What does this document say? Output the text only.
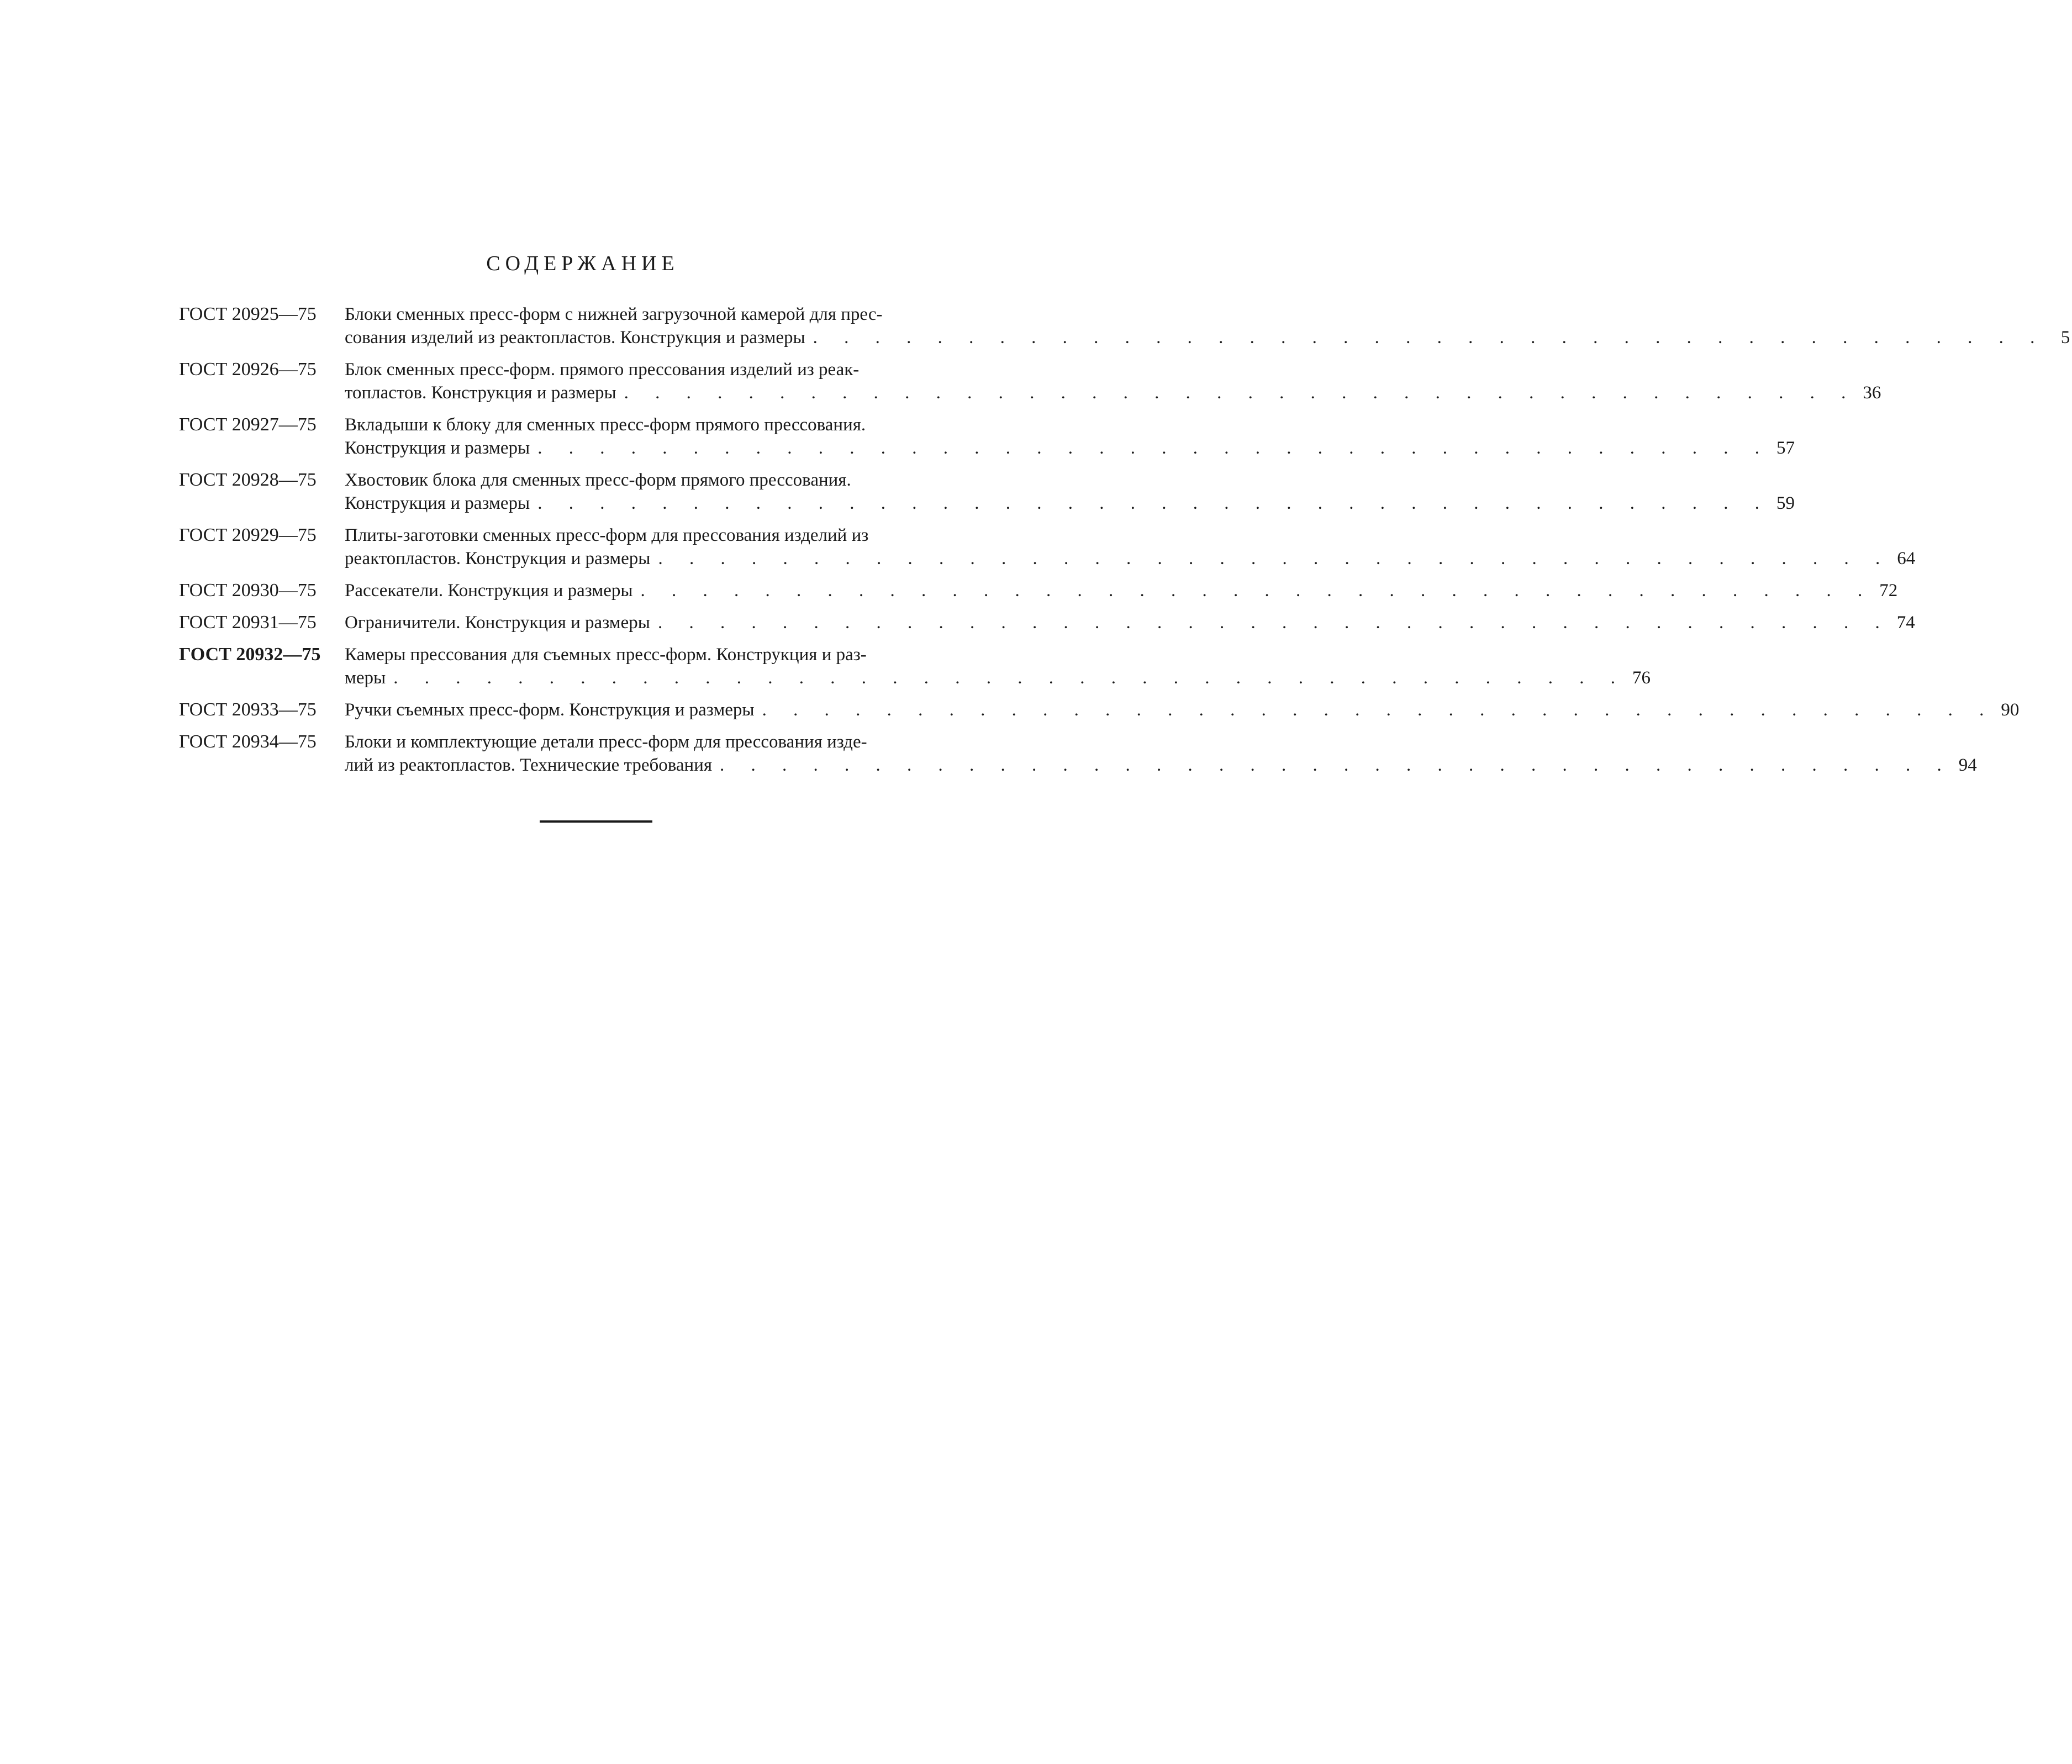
СОДЕРЖАНИЕ
ГОСТ 20925—75	Блоки сменных пресс-форм с нижней загрузочной камерой для прес-
сования изделий из реактопластов. Конструкция и размеры . . . . . . . . . . . . . . . . . . . . . . . . . . . . . . . . . . . . . . . . 5
ГОСТ 20926—75	Блок сменных пресс-форм. прямого прессования изделий из реак-
топластов. Конструкция и размеры . . . . . . . . . . . . . . . . . . . . . . . . . . . . . . . . . . . . . . . . 36
ГОСТ 20927—75	Вкладыши к блоку для сменных пресс-форм прямого прессования.
Конструкция и размеры . . . . . . . . . . . . . . . . . . . . . . . . . . . . . . . . . . . . . . . . 57
ГОСТ 20928—75	Хвостовик блока для сменных пресс-форм прямого прессования.
Конструкция и размеры . . . . . . . . . . . . . . . . . . . . . . . . . . . . . . . . . . . . . . . . 59
ГОСТ 20929—75	Плиты-заготовки сменных пресс-форм для прессования изделий из
реактопластов. Конструкция и размеры . . . . . . . . . . . . . . . . . . . . . . . . . . . . . . . . . . . . . . . . 64
ГОСТ 20930—75	Рассекатели. Конструкция и размеры . . . . . . . . . . . . . . . . . . . . . . . . . . . . . . . . . . . . . . . . 72
ГОСТ 20931—75	Ограничители. Конструкция и размеры . . . . . . . . . . . . . . . . . . . . . . . . . . . . . . . . . . . . . . . . 74
ГОСТ 20932—75	Камеры прессования для съемных пресс-форм. Конструкция и раз-
меры . . . . . . . . . . . . . . . . . . . . . . . . . . . . . . . . . . . . . . . . 76
ГОСТ 20933—75	Ручки съемных пресс-форм. Конструкция и размеры . . . . . . . . . . . . . . . . . . . . . . . . . . . . . . . . . . . . . . . . 90
ГОСТ 20934—75	Блоки и комплектующие детали пресс-форм для прессования изде-
лий из реактопластов. Технические требования . . . . . . . . . . . . . . . . . . . . . . . . . . . . . . . . . . . . . . . . 94
